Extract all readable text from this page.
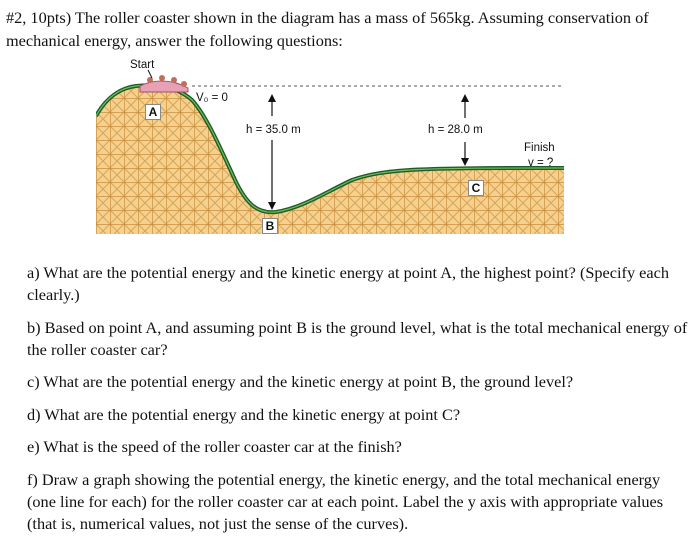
#2, 10pts) The roller coaster shown in the diagram has a mass of 565kg. Assuming conservation of mechanical energy, answer the following questions:

Start
V₀ = 0
A
h = 35.0 m	h = 28.0 m
Finish
v = ?
C
B

a) What are the potential energy and the kinetic energy at point A, the highest point? (Specify each clearly.)

b) Based on point A, and assuming point B is the ground level, what is the total mechanical energy of the roller coaster car?

c) What are the potential energy and the kinetic energy at point B, the ground level?

d) What are the potential energy and the kinetic energy at point C?

e) What is the speed of the roller coaster car at the finish?

f) Draw a graph showing the potential energy, the kinetic energy, and the total mechanical energy (one line for each) for the roller coaster car at each point. Label the y axis with appropriate values (that is, numerical values, not just the sense of the curves).
